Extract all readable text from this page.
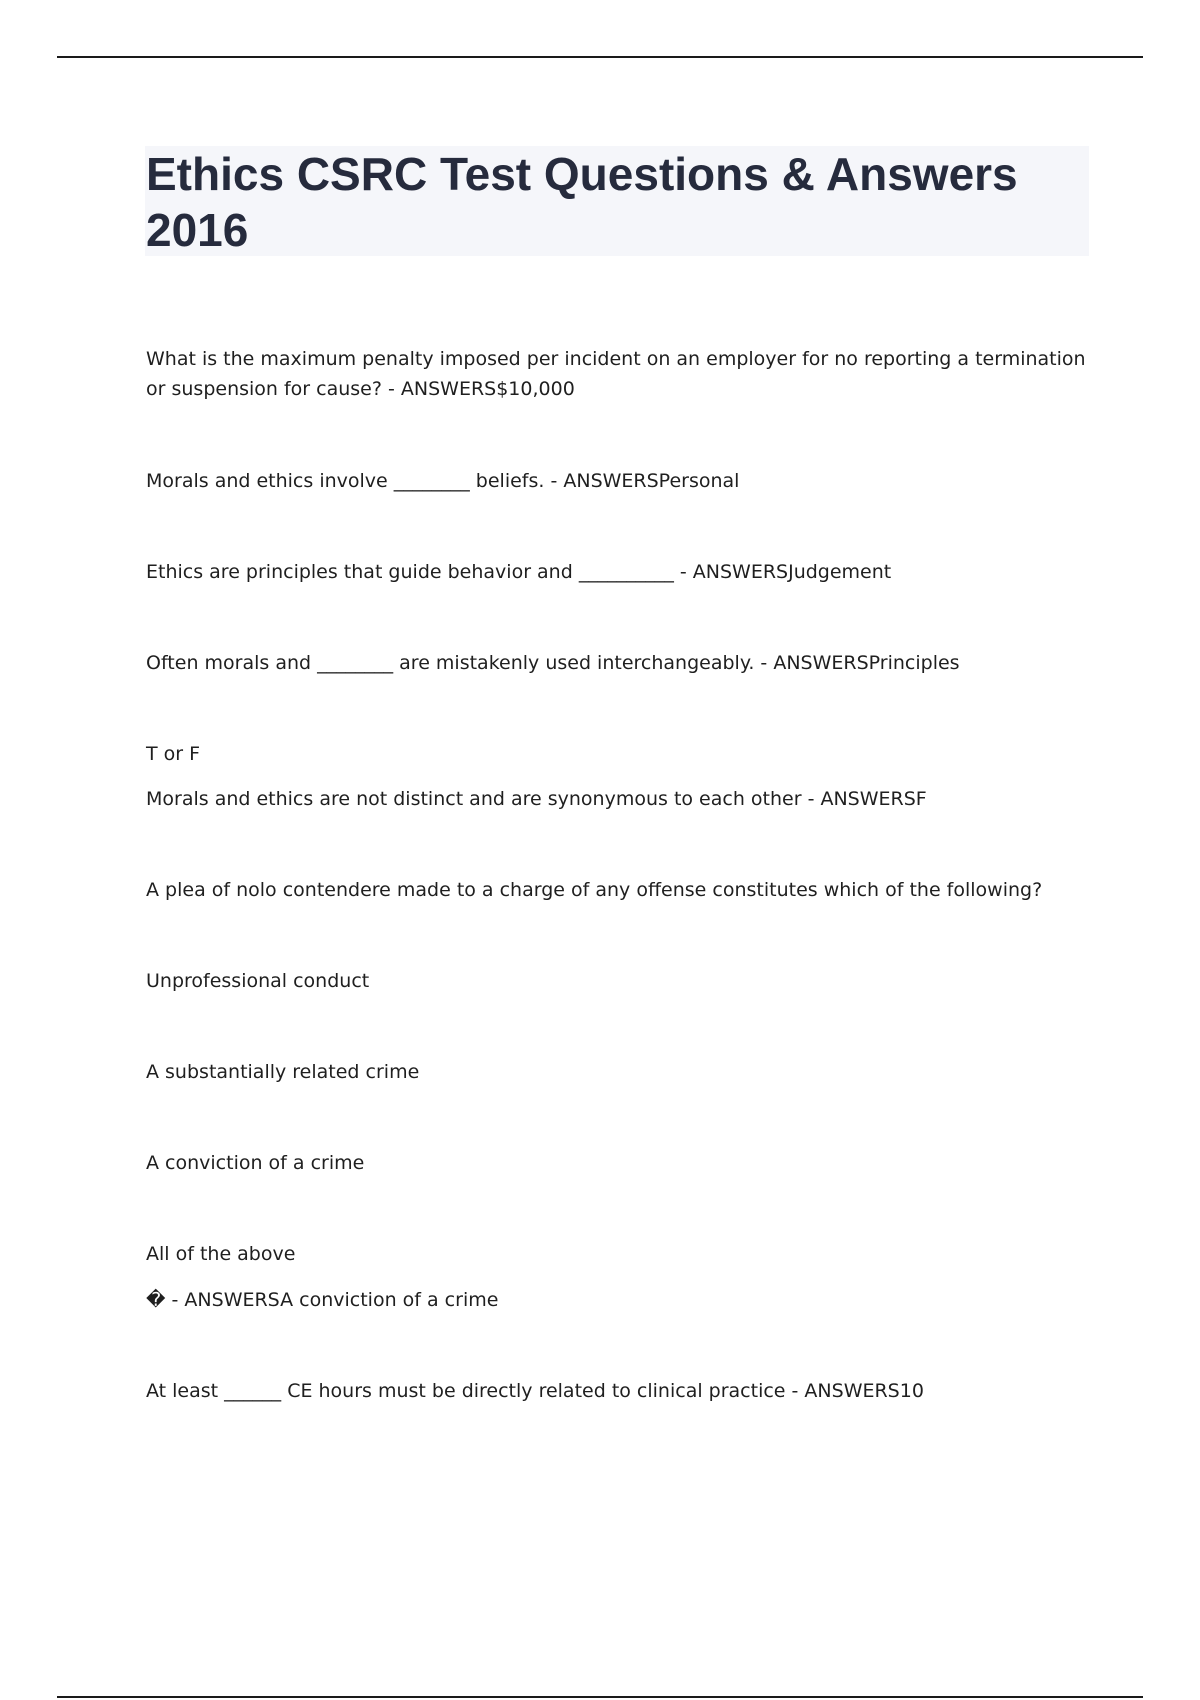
Ethics CSRC Test Questions & Answers 2016

What is the maximum penalty imposed per incident on an employer for no reporting a termination or suspension for cause? - ANSWERS$10,000

Morals and ethics involve ________ beliefs. - ANSWERSPersonal

Ethics are principles that guide behavior and __________ - ANSWERSJudgement

Often morals and ________ are mistakenly used interchangeably. - ANSWERSPrinciples

T or F

Morals and ethics are not distinct and are synonymous to each other - ANSWERSF

A plea of nolo contendere made to a charge of any offense constitutes which of the following?

Unprofessional conduct

A substantially related crime

A conviction of a crime

All of the above

� - ANSWERSA conviction of a crime

At least ______ CE hours must be directly related to clinical practice - ANSWERS10
